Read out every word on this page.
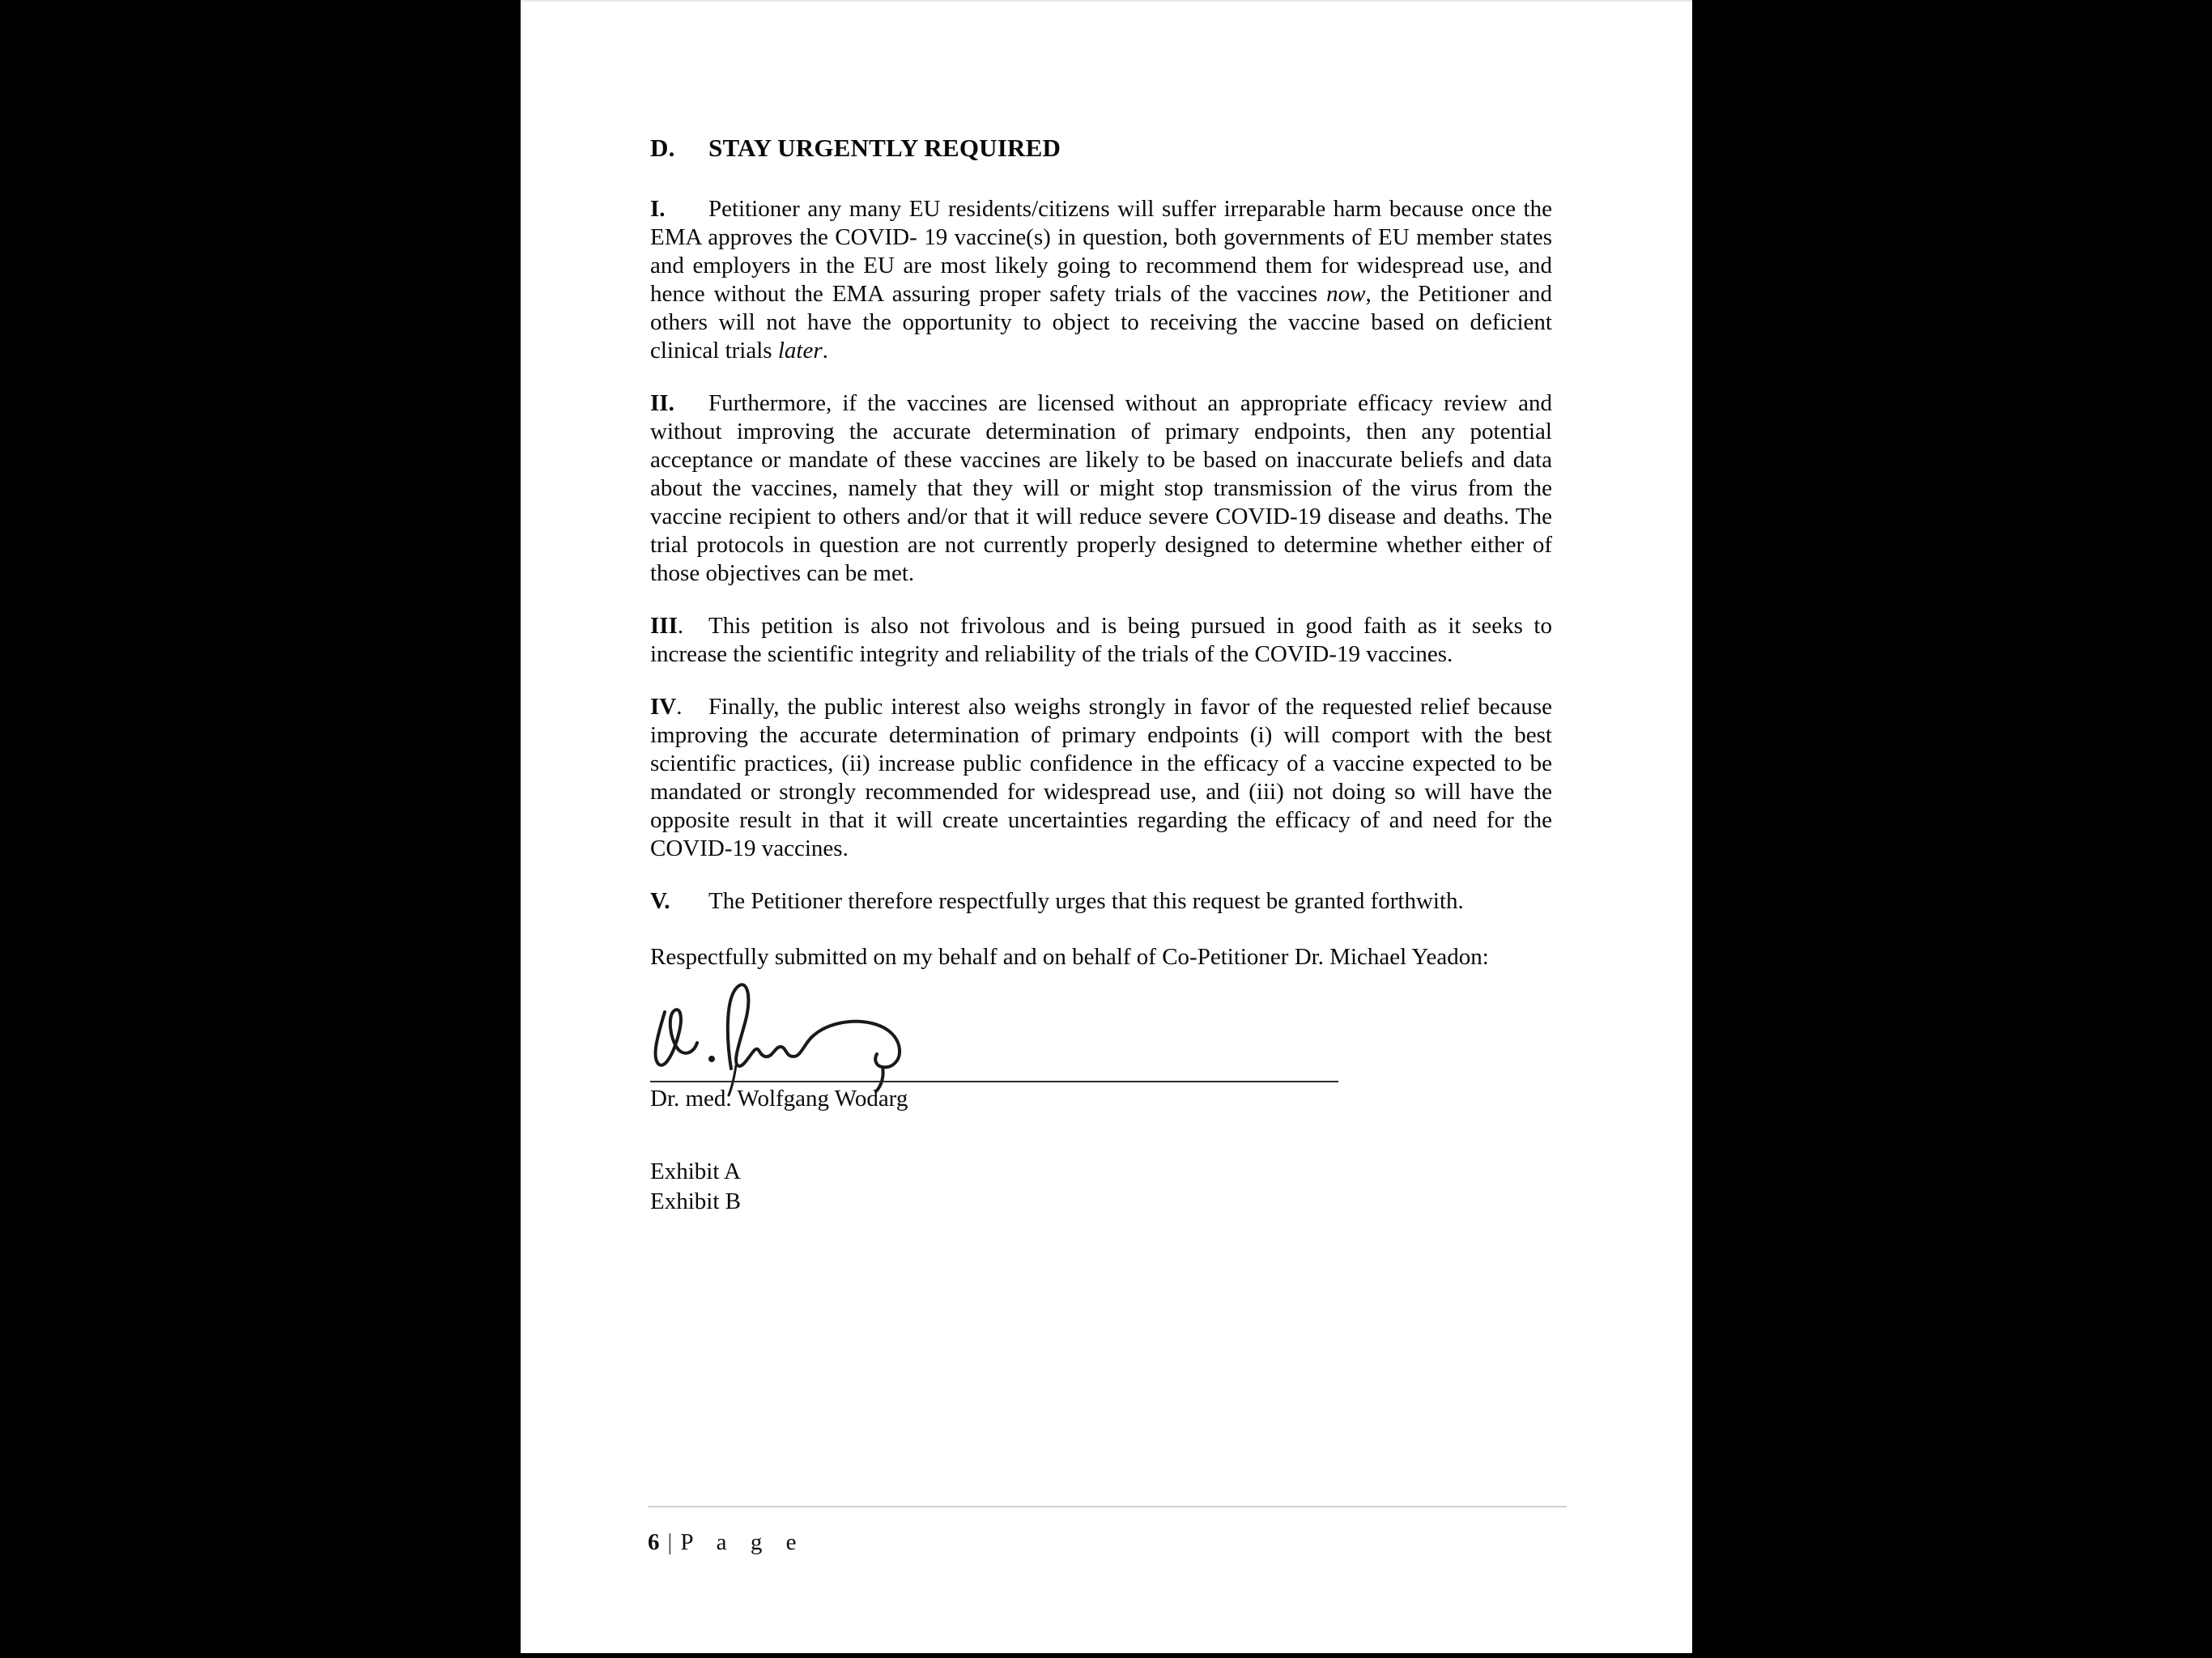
D. STAY URGENTLY REQUIRED
I. Petitioner any many EU residents/citizens will suffer irreparable harm because once the EMA approves the COVID- 19 vaccine(s) in question, both governments of EU member states and employers in the EU are most likely going to recommend them for widespread use, and hence without the EMA assuring proper safety trials of the vaccines now, the Petitioner and others will not have the opportunity to object to receiving the vaccine based on deficient clinical trials later.
II. Furthermore, if the vaccines are licensed without an appropriate efficacy review and without improving the accurate determination of primary endpoints, then any potential acceptance or mandate of these vaccines are likely to be based on inaccurate beliefs and data about the vaccines, namely that they will or might stop transmission of the virus from the vaccine recipient to others and/or that it will reduce severe COVID-19 disease and deaths. The trial protocols in question are not currently properly designed to determine whether either of those objectives can be met.
III. This petition is also not frivolous and is being pursued in good faith as it seeks to increase the scientific integrity and reliability of the trials of the COVID-19 vaccines.
IV. Finally, the public interest also weighs strongly in favor of the requested relief because improving the accurate determination of primary endpoints (i) will comport with the best scientific practices, (ii) increase public confidence in the efficacy of a vaccine expected to be mandated or strongly recommended for widespread use, and (iii) not doing so will have the opposite result in that it will create uncertainties regarding the efficacy of and need for the COVID-19 vaccines.
V. The Petitioner therefore respectfully urges that this request be granted forthwith.
Respectfully submitted on my behalf and on behalf of Co-Petitioner Dr. Michael Yeadon:
Dr. med. Wolfgang Wodarg
Exhibit A
Exhibit B
6 | P a g e
